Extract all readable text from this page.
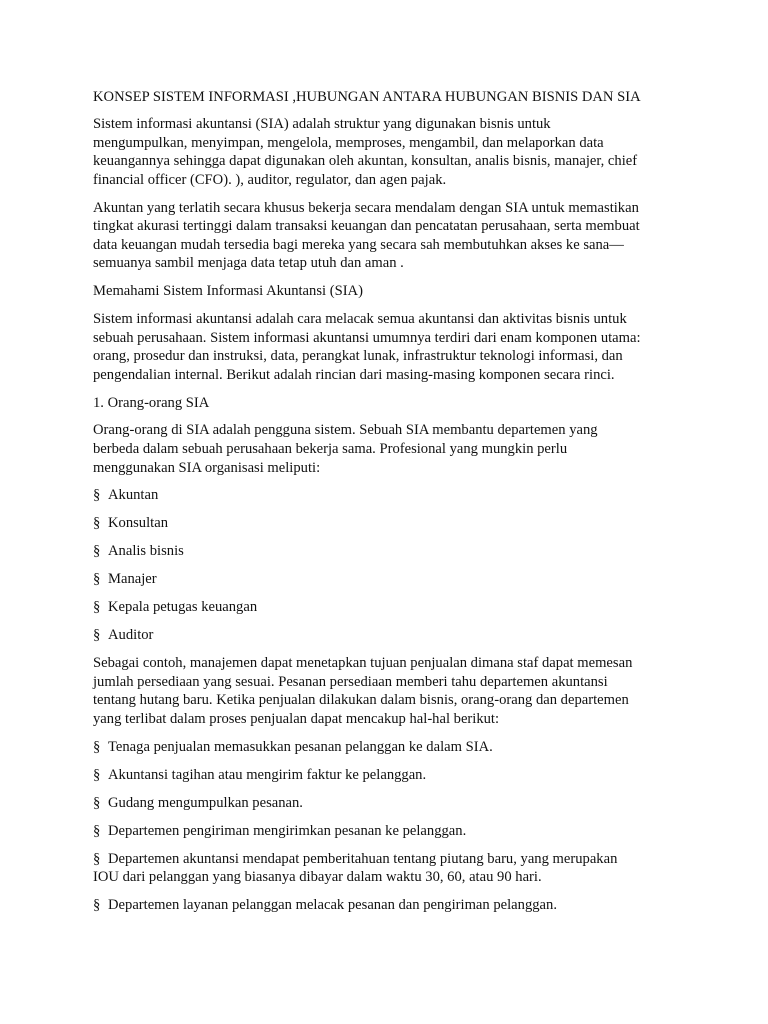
KONSEP SISTEM INFORMASI ,HUBUNGAN ANTARA HUBUNGAN BISNIS DAN SIA

Sistem informasi akuntansi (SIA) adalah struktur yang digunakan bisnis untuk
mengumpulkan, menyimpan, mengelola, memproses, mengambil, dan melaporkan data
keuangannya sehingga dapat digunakan oleh akuntan, konsultan, analis bisnis, manajer, chief
financial officer (CFO). ), auditor, regulator, dan agen pajak.

Akuntan yang terlatih secara khusus bekerja secara mendalam dengan SIA untuk memastikan
tingkat akurasi tertinggi dalam transaksi keuangan dan pencatatan perusahaan, serta membuat
data keuangan mudah tersedia bagi mereka yang secara sah membutuhkan akses ke sana—
semuanya sambil menjaga data tetap utuh dan aman .

Memahami Sistem Informasi Akuntansi (SIA)

Sistem informasi akuntansi adalah cara melacak semua akuntansi dan aktivitas bisnis untuk
sebuah perusahaan. Sistem informasi akuntansi umumnya terdiri dari enam komponen utama:
orang, prosedur dan instruksi, data, perangkat lunak, infrastruktur teknologi informasi, dan
pengendalian internal. Berikut adalah rincian dari masing-masing komponen secara rinci.

1. Orang-orang SIA

Orang-orang di SIA adalah pengguna sistem. Sebuah SIA membantu departemen yang
berbeda dalam sebuah perusahaan bekerja sama. Profesional yang mungkin perlu
menggunakan SIA organisasi meliputi:

§ Akuntan

§ Konsultan

§ Analis bisnis

§ Manajer

§ Kepala petugas keuangan

§ Auditor

Sebagai contoh, manajemen dapat menetapkan tujuan penjualan dimana staf dapat memesan
jumlah persediaan yang sesuai. Pesanan persediaan memberi tahu departemen akuntansi
tentang hutang baru. Ketika penjualan dilakukan dalam bisnis, orang-orang dan departemen
yang terlibat dalam proses penjualan dapat mencakup hal-hal berikut:

§ Tenaga penjualan memasukkan pesanan pelanggan ke dalam SIA.

§ Akuntansi tagihan atau mengirim faktur ke pelanggan.

§ Gudang mengumpulkan pesanan.

§ Departemen pengiriman mengirimkan pesanan ke pelanggan.

§ Departemen akuntansi mendapat pemberitahuan tentang piutang baru, yang merupakan
IOU dari pelanggan yang biasanya dibayar dalam waktu 30, 60, atau 90 hari.

§ Departemen layanan pelanggan melacak pesanan dan pengiriman pelanggan.
